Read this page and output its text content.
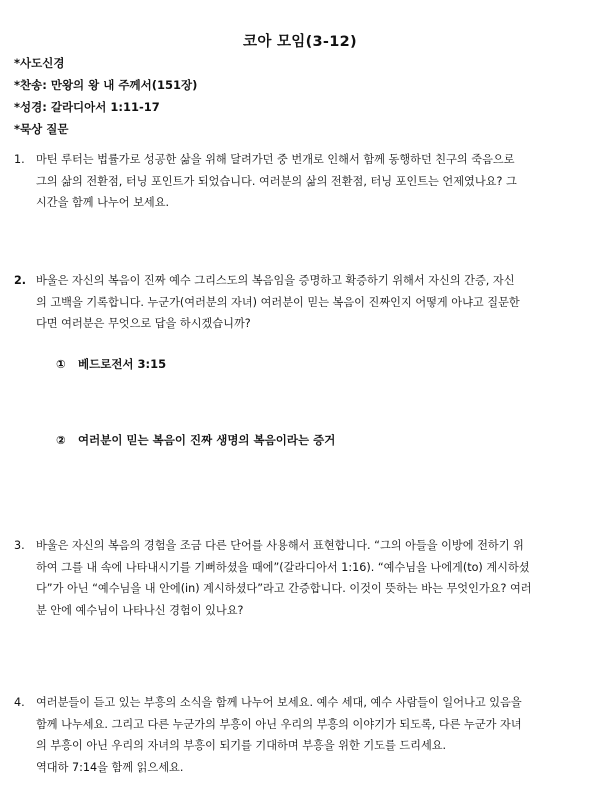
코아 모임(3-12)
*사도신경
*찬송: 만왕의 왕 내 주께서(151장)
*성경: 갈라디아서 1:11-17
*묵상 질문
1.	마틴 루터는 법률가로 성공한 삶을 위해 달려가던 중 번개로 인해서 함께 동행하던 친구의 죽음으로
그의 삶의 전환점, 터닝 포인트가 되었습니다. 여러분의 삶의 전환점, 터닝 포인트는 언제였나요? 그
시간을 함께 나누어 보세요.
2. 바울은 자신의 복음이 진짜 예수 그리스도의 복음임을 증명하고 확증하기 위해서 자신의 간증, 자신
의 고백을 기록합니다. 누군가(여러분의 자녀) 여러분이 믿는 복음이 진짜인지 어떻게 아냐고 질문한
다면 여러분은 무엇으로 답을 하시겠습니까?
① 베드로전서 3:15
② 여러분이 믿는 복음이 진짜 생명의 복음이라는 증거
3.	바울은 자신의 복음의 경험을 조금 다른 단어를 사용해서 표현합니다. “그의 아들을 이방에 전하기 위
하여 그를 내 속에 나타내시기를 기뻐하셨을 때에”(갈라디아서 1:16). “예수님을 나에게(to) 계시하셨
다”가 아닌 “예수님을 내 안에(in) 계시하셨다”라고 간증합니다. 이것이 뜻하는 바는 무엇인가요? 여러
분 안에 예수님이 나타나신 경험이 있나요?
4.	여러분들이 듣고 있는 부흥의 소식을 함께 나누어 보세요. 예수 세대, 예수 사람들이 일어나고 있음을
함께 나누세요. 그리고 다른 누군가의 부흥이 아닌 우리의 부흥의 이야기가 되도록, 다른 누군가 자녀
의 부흥이 아닌 우리의 자녀의 부흥이 되기를 기대하며 부흥을 위한 기도를 드리세요.
역대하 7:14을 함께 읽으세요.
